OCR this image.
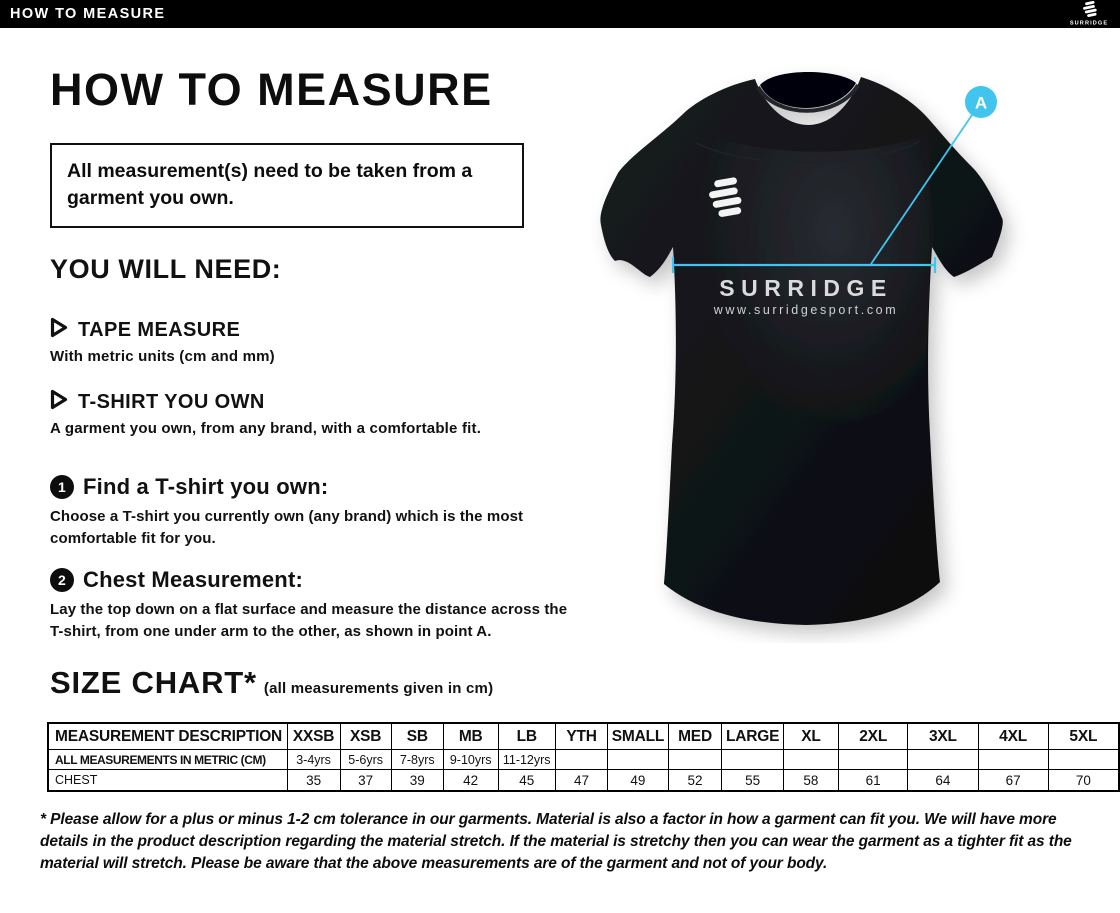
HOW TO MEASURE
SURRIDGE
HOW TO MEASURE
All measurement(s) need to be taken from a garment you own.
YOU WILL NEED:
TAPE MEASURE
With metric units (cm and mm)
T-SHIRT YOU OWN
A garment you own, from any brand, with a comfortable fit.
1 Find a T-shirt you own:
Choose a T-shirt you currently own (any brand) which is the most comfortable fit for you.
2 Chest Measurement:
Lay the top down on a flat surface and measure the distance across the T-shirt, from one under arm to the other, as shown in point A.
SIZE CHART* (all measurements given in cm)
MEASUREMENT DESCRIPTION	XXSB	XSB	SB	MB	LB	YTH	SMALL	MED	LARGE	XL	2XL	3XL	4XL	5XL
ALL MEASUREMENTS IN METRIC (CM)	3-4yrs	5-6yrs	7-8yrs	9-10yrs	11-12yrs									
CHEST	35	37	39	42	45	47	49	52	55	58	61	64	67	70
* Please allow for a plus or minus 1-2 cm tolerance in our garments. Material is also a factor in how a garment can fit you. We will have more details in the product description regarding the material stretch. If the material is stretchy then you can wear the garment as a tighter fit as the material will stretch. Please be aware that the above measurements are of the garment and not of your body.
SURRIDGE
www.surridgesport.com
A
